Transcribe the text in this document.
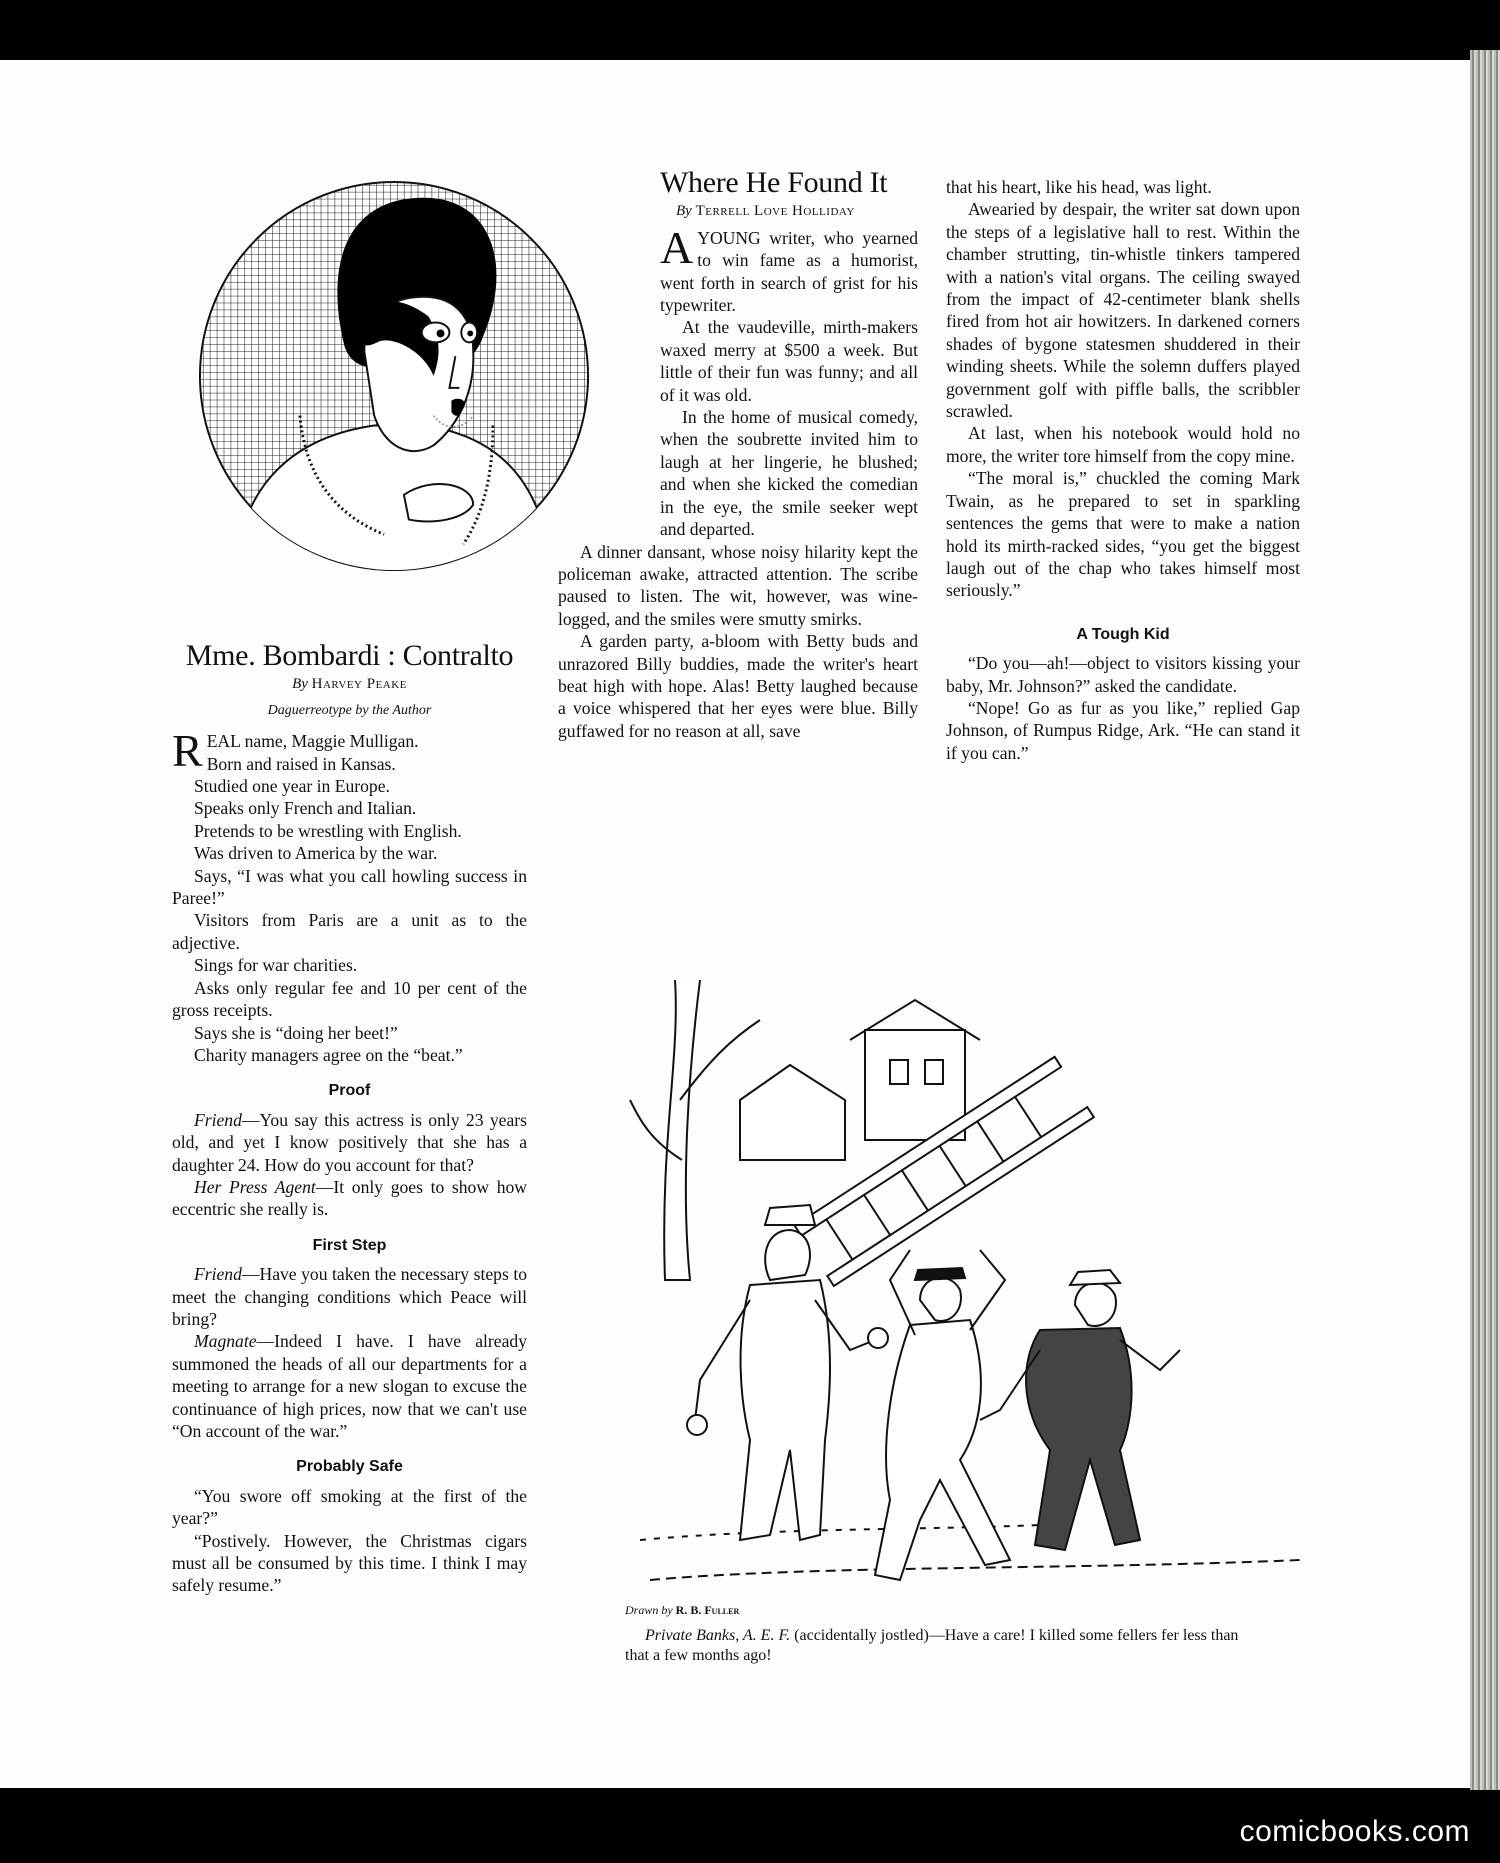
Mme. Bombardi : Contralto
By Harvey Peake
Daguerreotype by the Author

REAL name, Maggie Mulligan.

Born and raised in Kansas.

Studied one year in Europe.

Speaks only French and Italian.

Pretends to be wrestling with English.

Was driven to America by the war.

Says, “I was what you call howling success in Paree!”

Visitors from Paris are a unit as to the adjective.

Sings for war charities.

Asks only regular fee and 10 per cent of the gross receipts.

Says she is “doing her beet!”

Charity managers agree on the “beat.”

Proof

Friend—You say this actress is only 23 years old, and yet I know positively that she has a daughter 24. How do you account for that?

Her Press Agent—It only goes to show how eccentric she really is.

First Step

Friend—Have you taken the necessary steps to meet the changing conditions which Peace will bring?

Magnate—Indeed I have. I have already summoned the heads of all our departments for a meeting to arrange for a new slogan to excuse the continuance of high prices, now that we can't use “On account of the war.”

Probably Safe

“You swore off smoking at the first of the year?”

“Postively. However, the Christmas cigars must all be consumed by this time. I think I may safely resume.”

Where He Found It
By Terrell Love Holliday

AYOUNG writer, who yearned to win fame as a humorist, went forth in search of grist for his typewriter.

At the vaudeville, mirth-makers waxed merry at $500 a week. But little of their fun was funny; and all of it was old.

In the home of musical comedy, when the soubrette invited him to laugh at her lingerie, he blushed; and when she kicked the comedian in the eye, the smile seeker wept and departed.

A dinner dansant, whose noisy hilarity kept the policeman awake, attracted attention. The scribe paused to listen. The wit, however, was wine-logged, and the smiles were smutty smirks.

A garden party, a-bloom with Betty buds and unrazored Billy buddies, made the writer's heart beat high with hope. Alas! Betty laughed because a voice whispered that her eyes were blue. Billy guffawed for no reason at all, save

that his heart, like his head, was light.

Awearied by despair, the writer sat down upon the steps of a legislative hall to rest. Within the chamber strutting, tin-whistle tinkers tampered with a nation's vital organs. The ceiling swayed from the impact of 42-centimeter blank shells fired from hot air howitzers. In darkened corners shades of bygone statesmen shuddered in their winding sheets. While the solemn duffers played government golf with piffle balls, the scribbler scrawled.

At last, when his notebook would hold no more, the writer tore himself from the copy mine.

“The moral is,” chuckled the coming Mark Twain, as he prepared to set in sparkling sentences the gems that were to make a nation hold its mirth-racked sides, “you get the biggest laugh out of the chap who takes himself most seriously.”

A Tough Kid

“Do you—ah!—object to visitors kissing your baby, Mr. Johnson?” asked the candidate.

“Nope! Go as fur as you like,” replied Gap Johnson, of Rumpus Ridge, Ark. “He can stand it if you can.”

Drawn by R. B. Fuller
Private Banks, A. E. F. (accidentally jostled)—Have a care! I killed some fellers fer less than that a few months ago!
comicbooks.com
